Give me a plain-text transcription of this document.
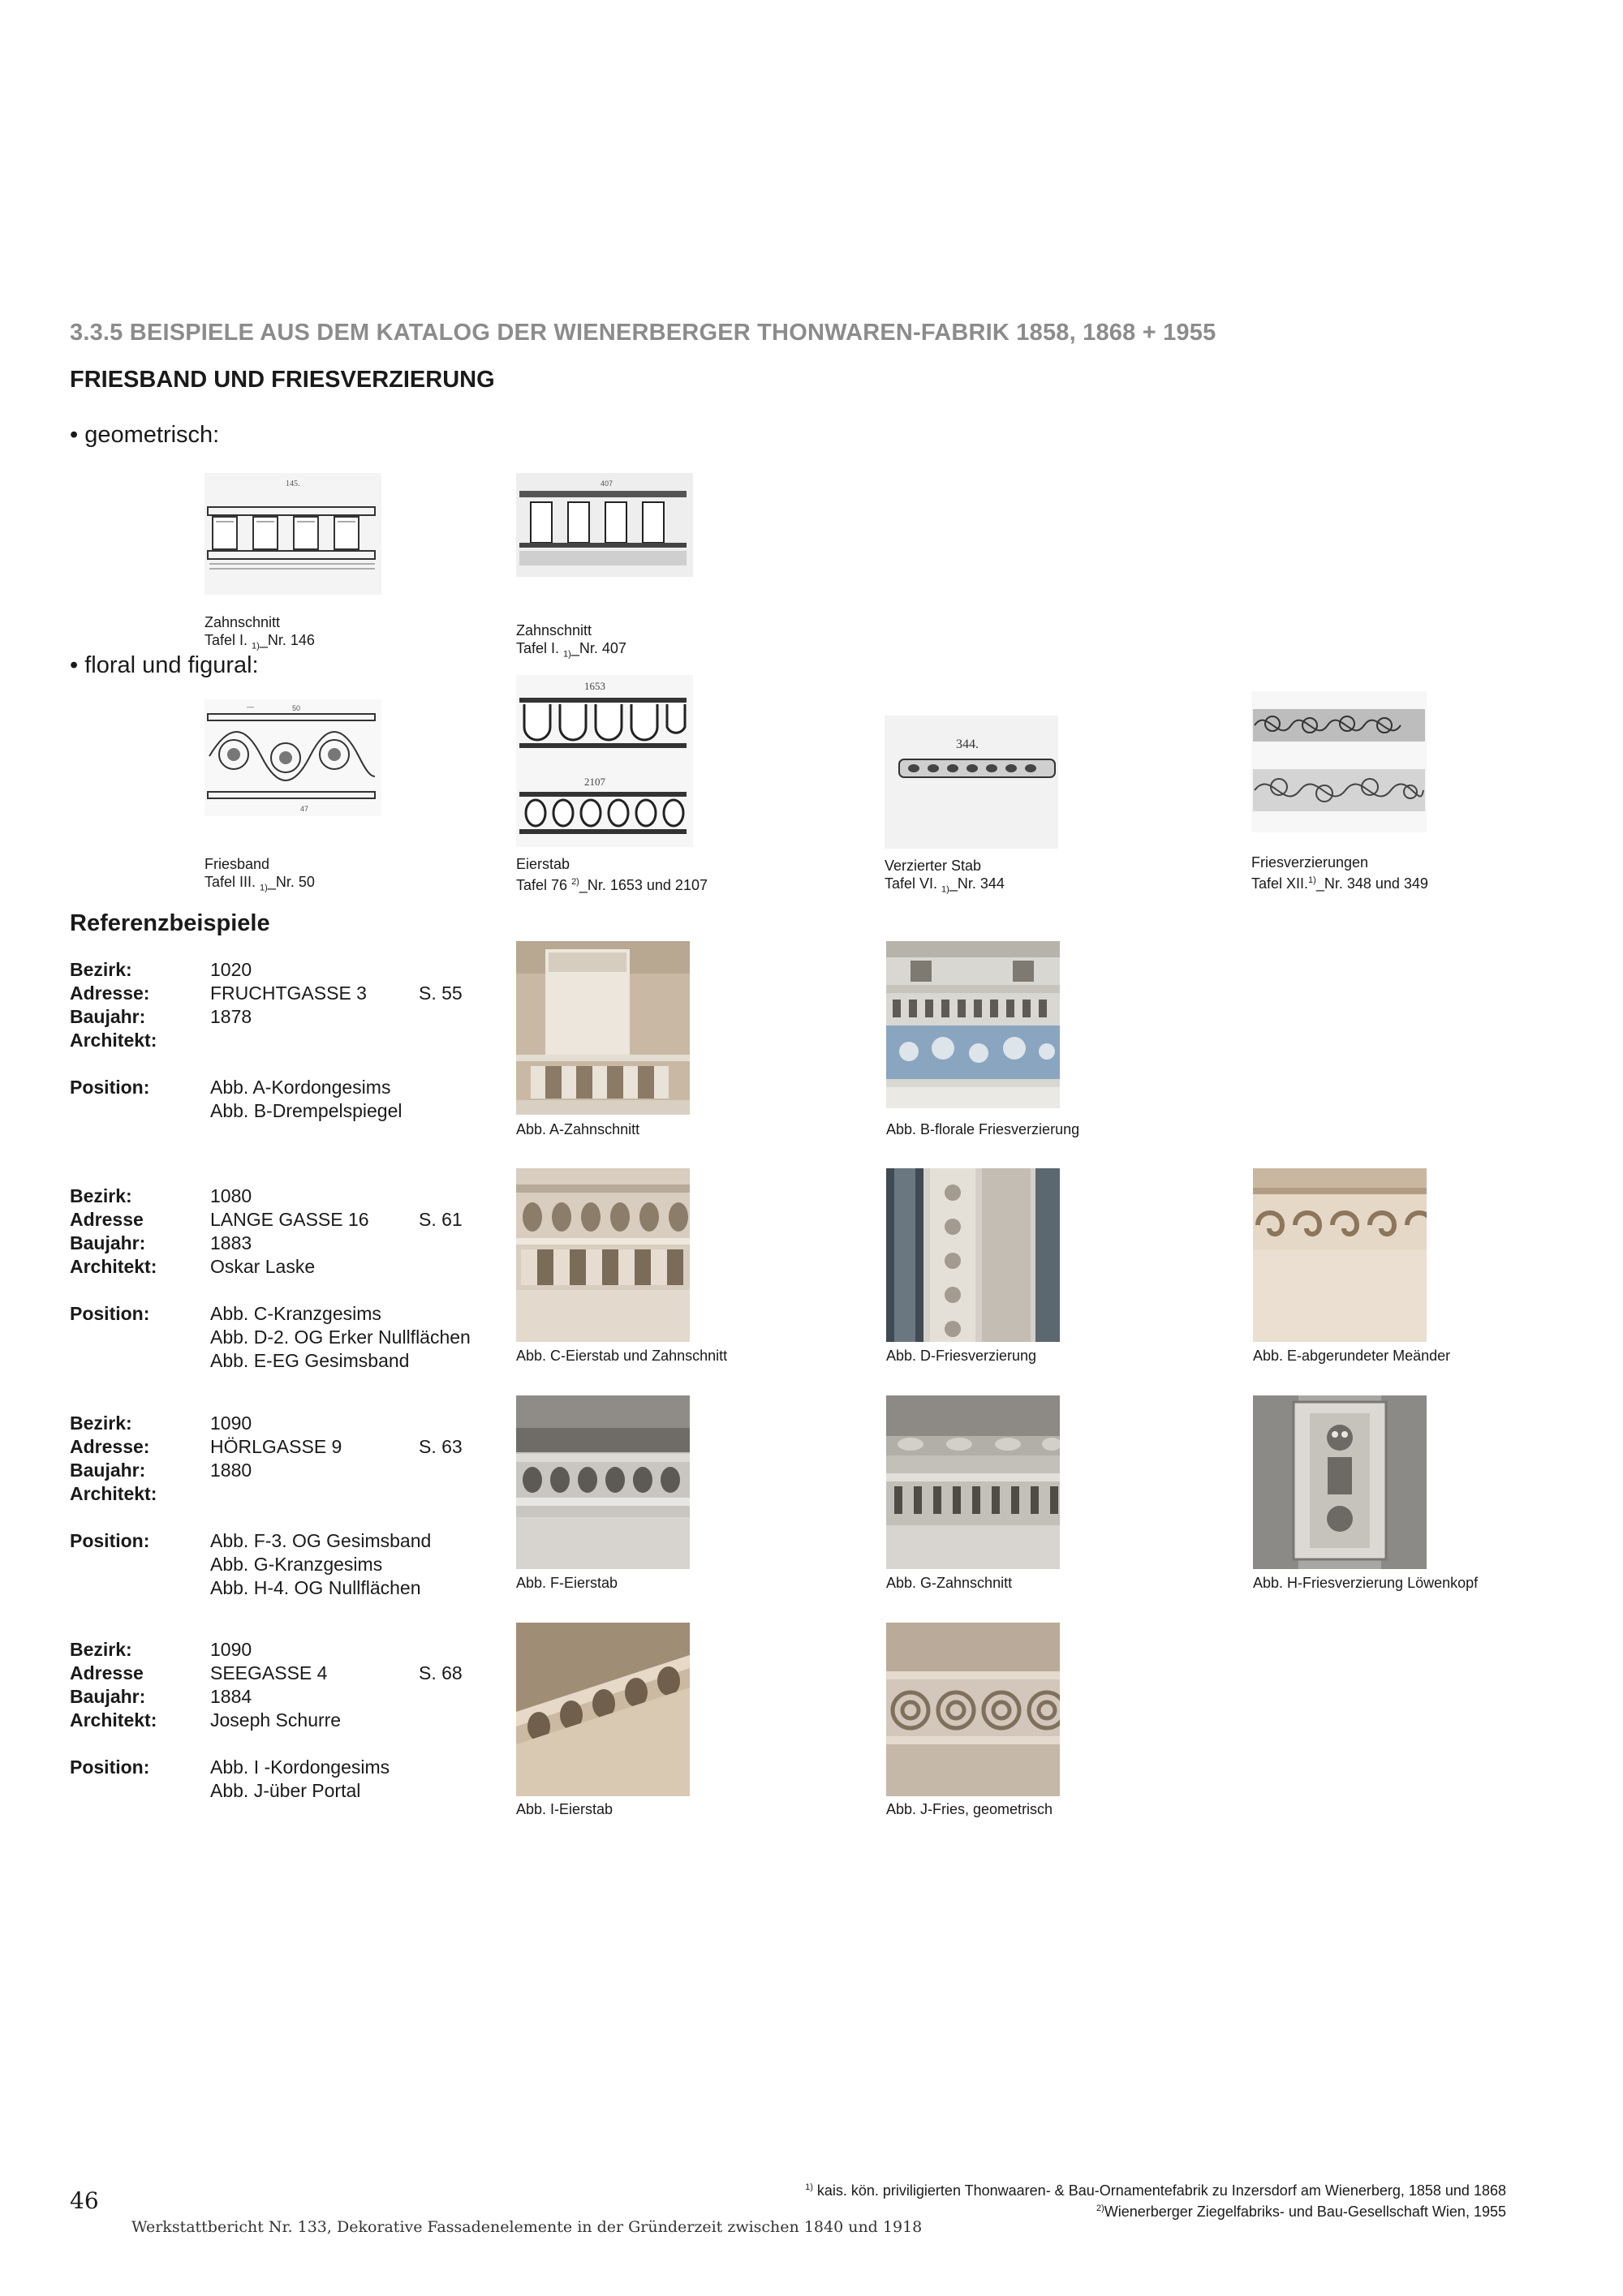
3.3.5 BEISPIELE AUS DEM KATALOG DER WIENERBERGER THONWAREN-FABRIK 1858, 1868 + 1955
FRIESBAND UND FRIESVERZIERUNG
• geometrisch:
• floral und figural:
145.
Zahnschnitt
Tafel I. $_{1)}$_Nr. 146
407
Zahnschnitt
Tafel I. $_{1)}$_Nr. 407
—	50
47
Friesband
Tafel III. $_{1)}$_Nr. 50
1653
2107
Eierstab
Tafel 76 $^{2)}$_Nr. 1653 und 2107
344.
Verzierter Stab
Tafel VI. $_{1)}$_Nr. 344
Friesverzierungen
Tafel XII.$^{1)}$_Nr. 348 und 349
Referenzbeispiele
Bezirk:	1020
Adresse:	FRUCHTGASSE 3	S. 55
Baujahr:	1878
Architekt:
Position:	Abb. A-Kordongesims
Abb. B-Drempelspiegel
Bezirk:	1080
Adresse	LANGE GASSE 16	S. 61
Baujahr:	1883
Architekt:	Oskar Laske
Position:	Abb. C-Kranzgesims
Abb. D-2. OG Erker Nullflächen
Abb. E-EG Gesimsband
Bezirk:	1090
Adresse:	HÖRLGASSE 9	S. 63
Baujahr:	1880
Architekt:
Position:	Abb. F-3. OG Gesimsband
Abb. G-Kranzgesims
Abb. H-4. OG Nullflächen
Bezirk:	1090
Adresse	SEEGASSE 4	S. 68
Baujahr:	1884
Architekt:	Joseph Schurre
Position:	Abb. I -Kordongesims
Abb. J-über Portal
Abb. A-Zahnschnitt	Abb. B-florale Friesverzierung
Abb. C-Eierstab und Zahnschnitt	Abb. D-Friesverzierung	Abb. E-abgerundeter Meänder
Abb. F-Eierstab	Abb. G-Zahnschnitt	Abb. H-Friesverzierung Löwenkopf
Abb. I-Eierstab	Abb. J-Fries, geometrisch
$^{1)}$ kais. kön. priviligierten Thonwaaren- & Bau-Ornamentefabrik zu Inzersdorf am Wienerberg, 1858 und 1868
$^{2)}$Wienerberger Ziegelfabriks- und Bau-Gesellschaft Wien, 1955
46
Werkstattbericht Nr. 133, Dekorative Fassadenelemente in der Gründerzeit zwischen 1840 und 1918
